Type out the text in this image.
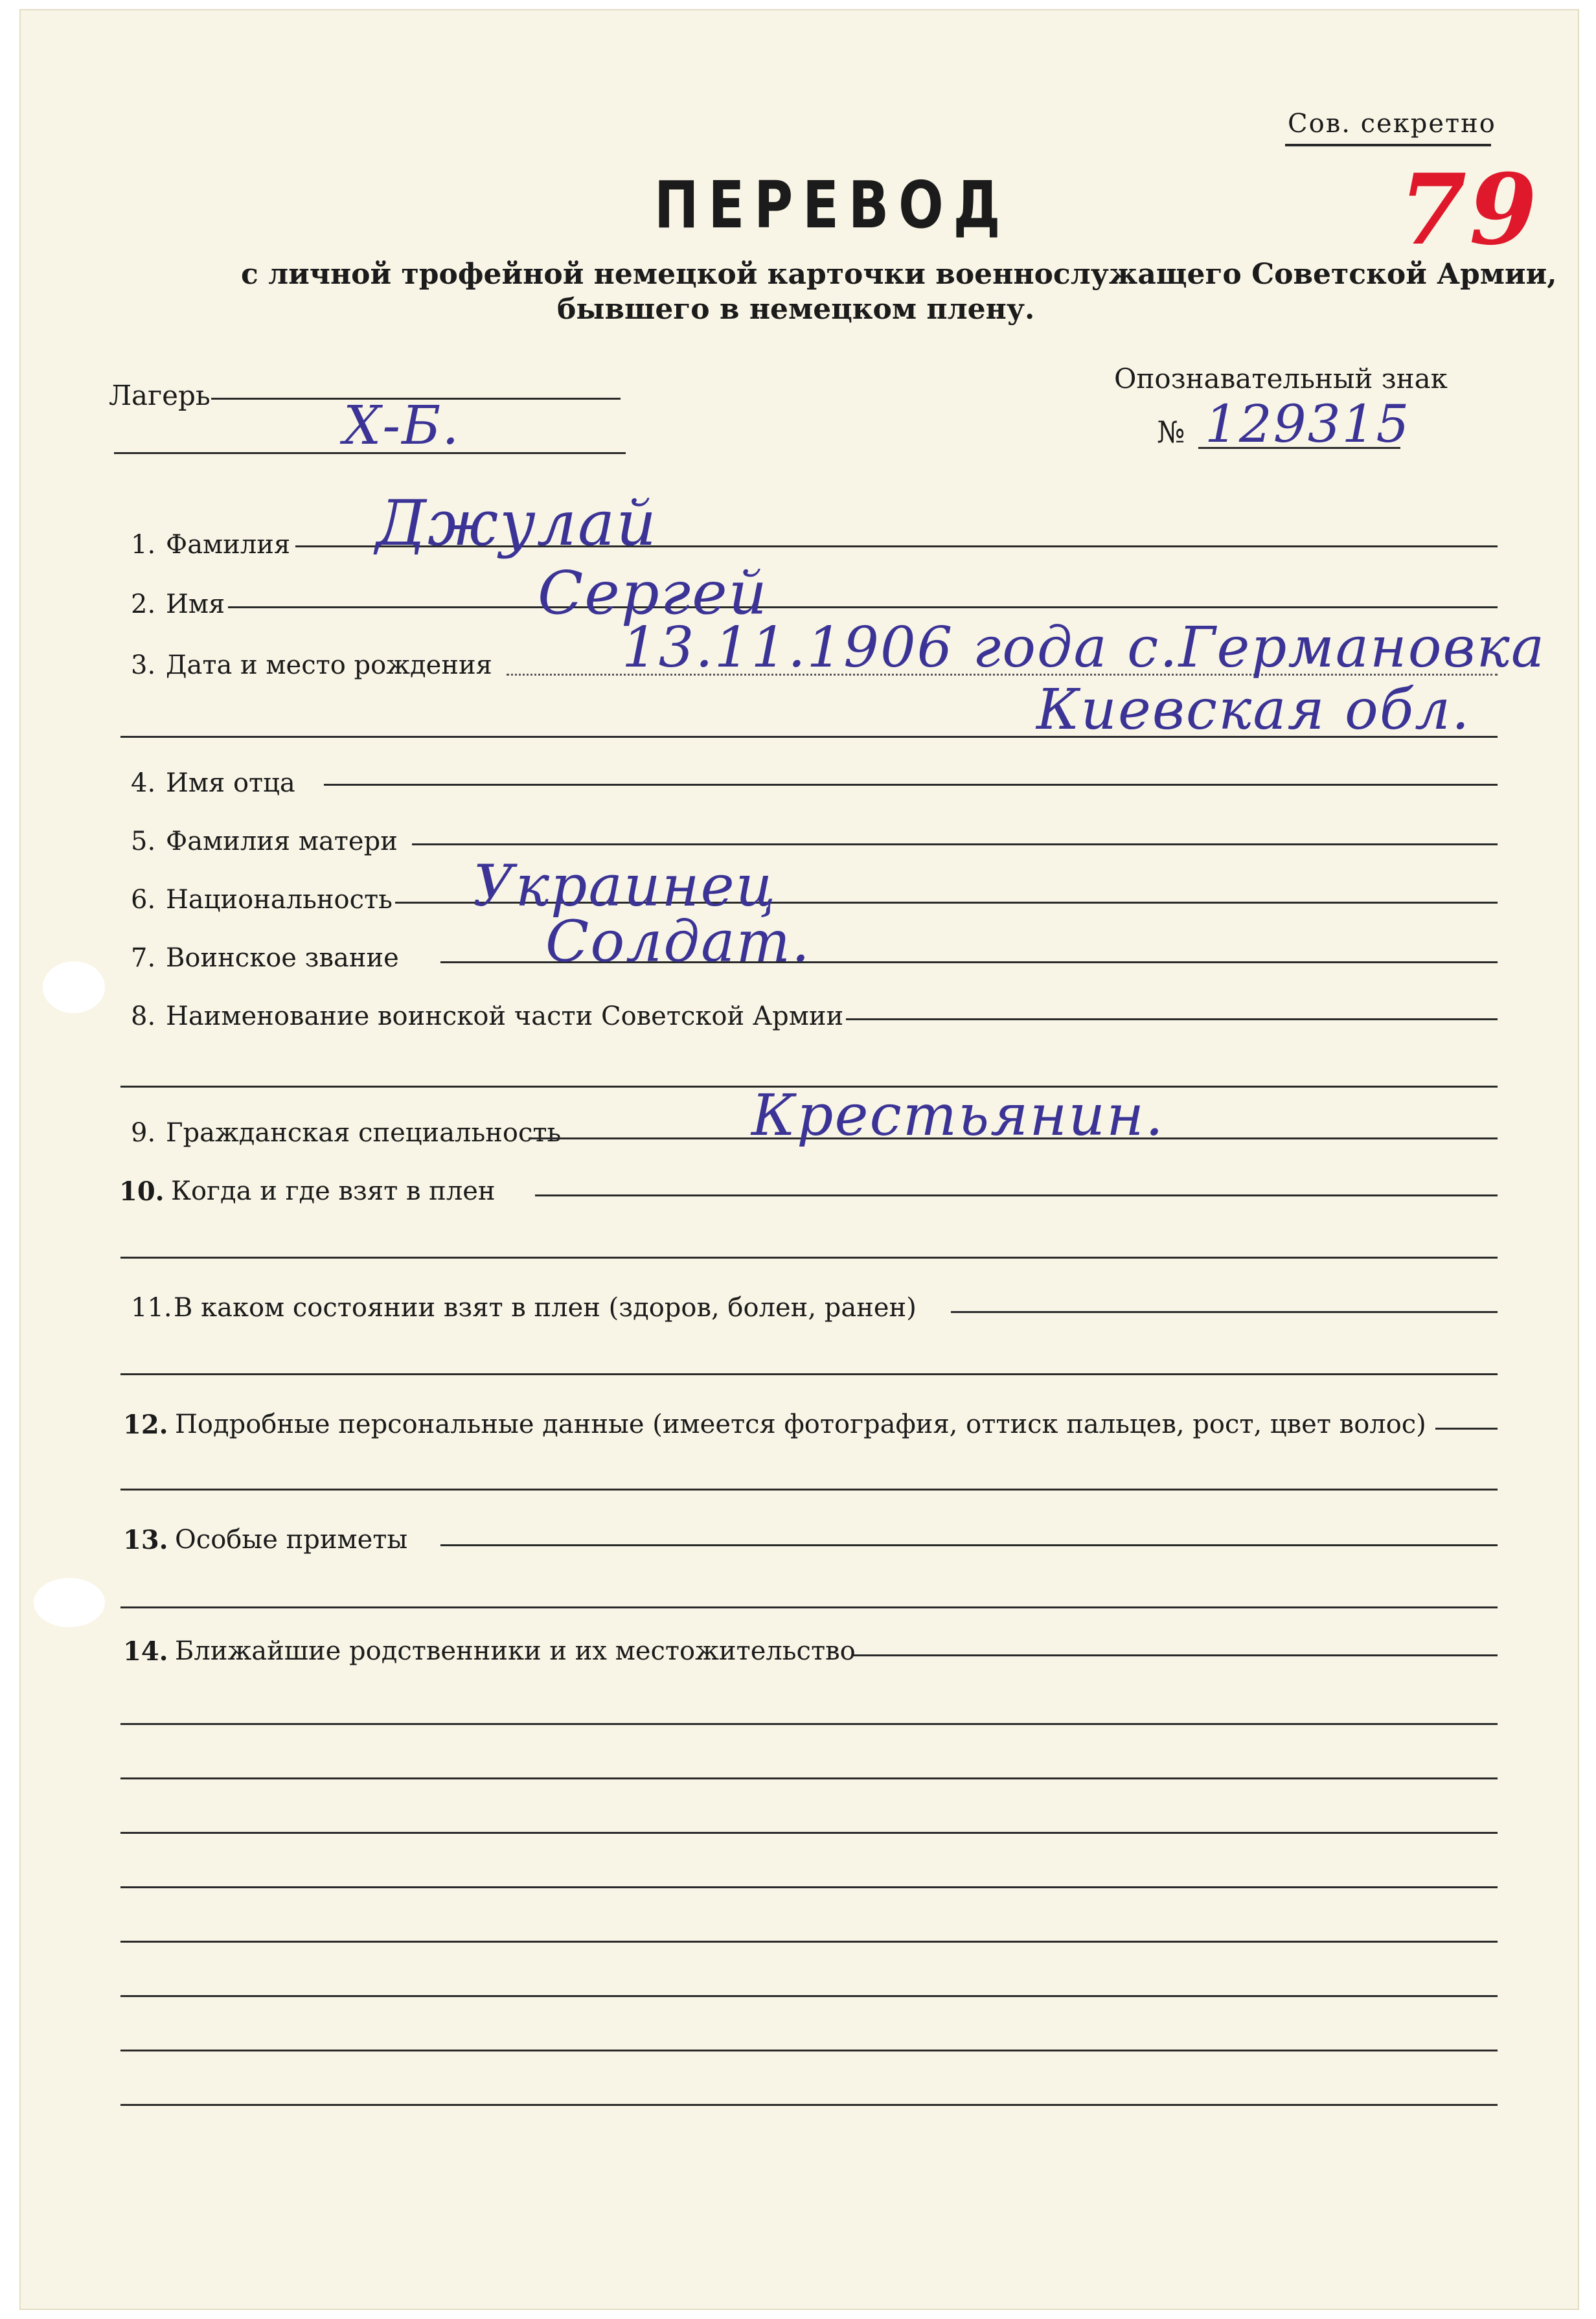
Сов. секретно
79
ПЕРЕВОД
с личной трофейной немецкой карточки военнослужащего Советской Армии,
бывшего в немецком плену.
Лагерь	Х-Б.
Опознавательный знак
№ 129315
1. Фамилия Джулай
2. Имя	Сергей
3. Дата и место рождения 13.11.1906 года с.Германовка
Киевская обл.
4. Имя отца
5. Фамилия матери
6. Национальность Украинец
7. Воинское звание	Солдат.
8. Наименование воинской части Советской Армии
9. Гражданская специальность	Крестьянин.
10. Когда и где взят в плен
11. В каком состоянии взят в плен (здоров, болен, ранен)
12. Подробные персональные данные (имеется фотография, оттиск пальцев, рост, цвет волос)
13. Особые приметы
14. Ближайшие родственники и их местожительство
